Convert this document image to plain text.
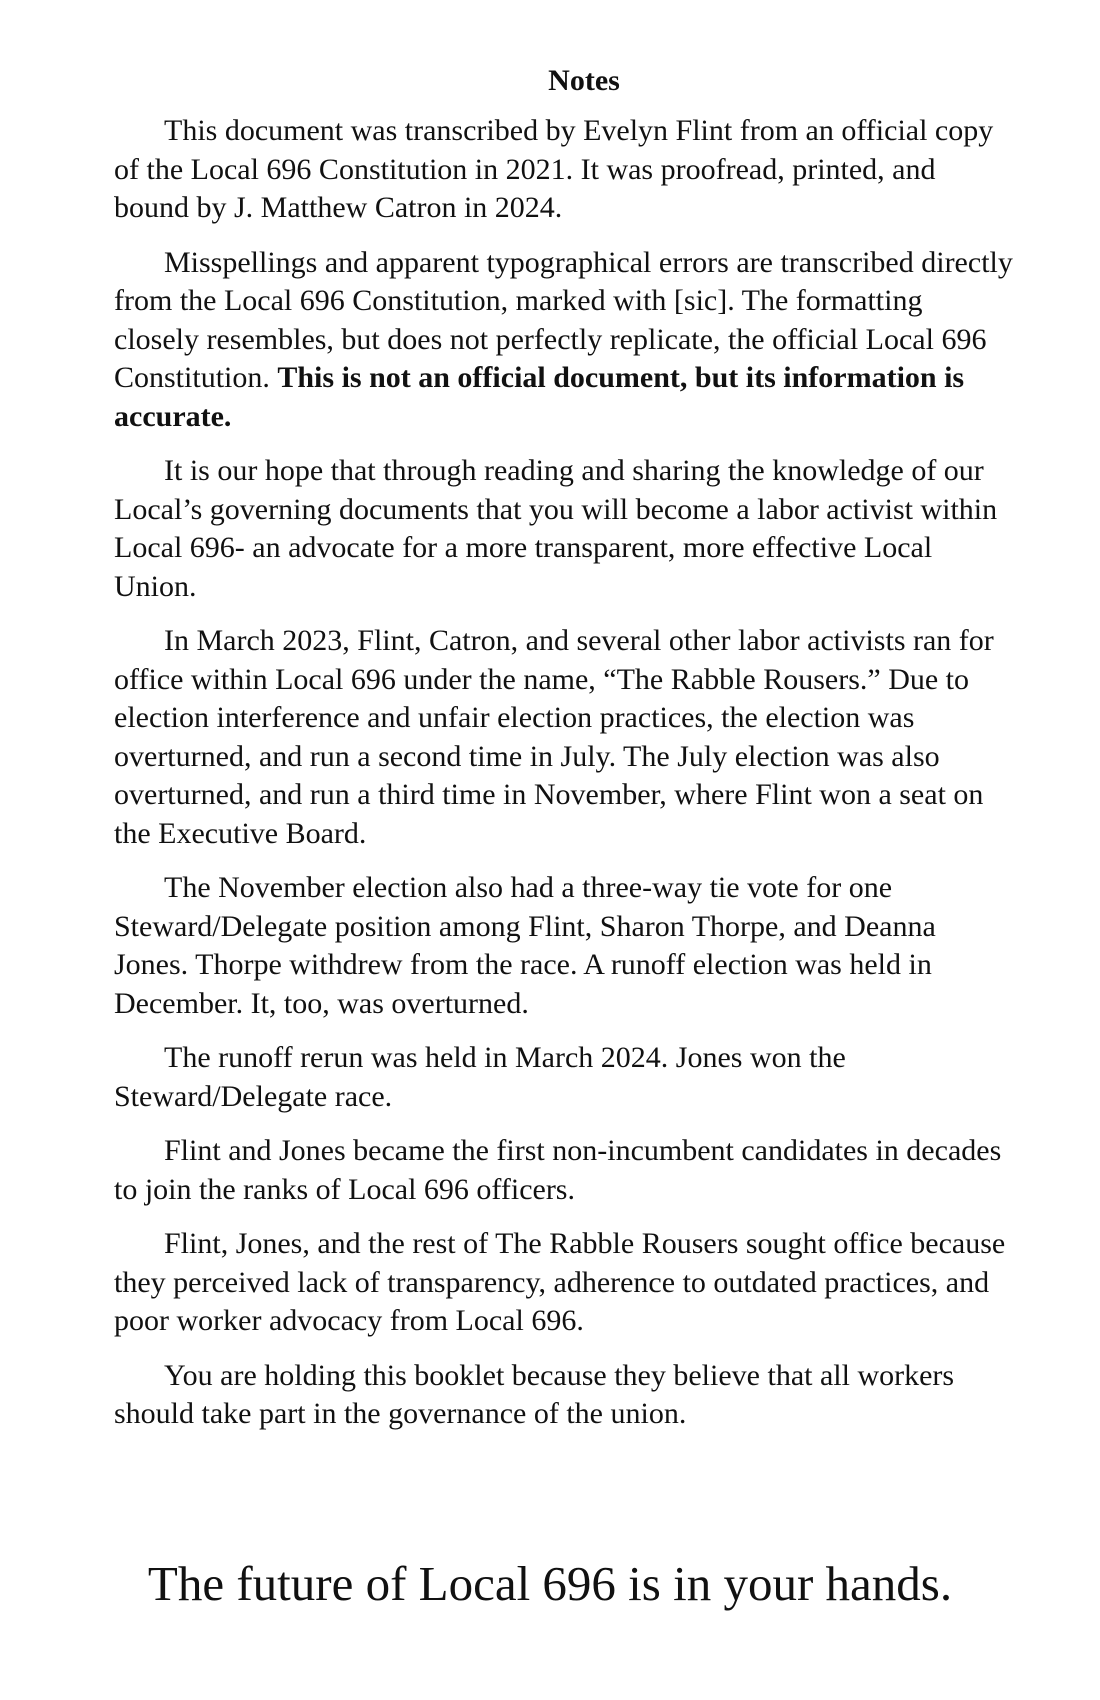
Notes

This document was transcribed by Evelyn Flint from an official copy of the Local 696 Constitution in 2021. It was proofread, printed, and bound by J. Matthew Catron in 2024.

Misspellings and apparent typographical errors are transcribed directly from the Local 696 Constitution, marked with [sic]. The formatting closely resembles, but does not perfectly replicate, the official Local 696 Constitution. This is not an official document, but its information is accurate.

It is our hope that through reading and sharing the knowledge of our Local’s governing documents that you will become a labor activist within Local 696- an advocate for a more transparent, more effective Local Union.

In March 2023, Flint, Catron, and several other labor activists ran for office within Local 696 under the name, “The Rabble Rousers.” Due to election interference and unfair election practices, the election was overturned, and run a second time in July. The July election was also overturned, and run a third time in November, where Flint won a seat on the Executive Board.

The November election also had a three-way tie vote for one Steward/Delegate position among Flint, Sharon Thorpe, and Deanna Jones. Thorpe withdrew from the race. A runoff election was held in December. It, too, was overturned.

The runoff rerun was held in March 2024. Jones won the Steward/Delegate race.

Flint and Jones became the first non-incumbent candidates in decades to join the ranks of Local 696 officers.

Flint, Jones, and the rest of The Rabble Rousers sought office because they perceived lack of transparency, adherence to outdated practices, and poor worker advocacy from Local 696.

You are holding this booklet because they believe that all workers should take part in the governance of the union.

The future of Local 696 is in your hands.
